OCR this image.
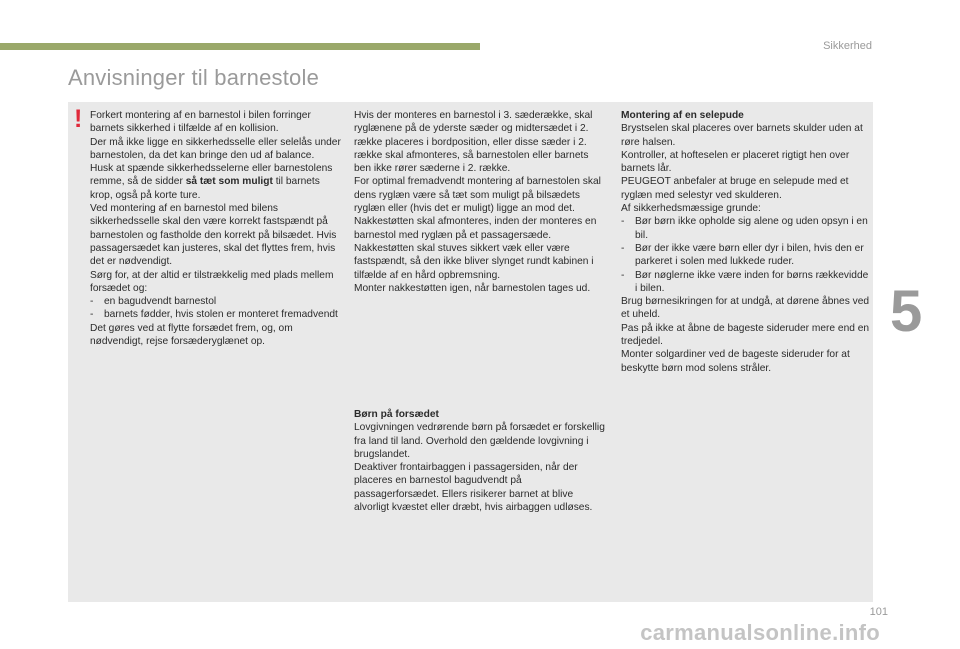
Sikkerhed
Anvisninger til barnestole
! Forkert montering af en barnestol i bilen forringer barnets sikkerhed i tilfælde af en kollision.

Der må ikke ligge en sikkerhedsselle eller selelås under barnestolen, da det kan bringe den ud af balance.

Husk at spænde sikkerhedsselerne eller barnestolens remme, så de sidder så tæt som muligt til barnets krop, også på korte ture.

Ved montering af en barnestol med bilens sikkerhedsselle skal den være korrekt fastspændt på barnestolen og fastholde den korrekt på bilsædet. Hvis passagersædet kan justeres, skal det flyttes frem, hvis det er nødvendigt.

Sørg for, at der altid er tilstrækkelig med plads mellem forsædet og:

- en bagudvendt barnestol

- barnets fødder, hvis stolen er monteret fremadvendt

Det gøres ved at flytte forsædet frem, og, om nødvendigt, rejse forsæderyglænet op.

Hvis der monteres en barnestol i 3. sæderække, skal ryglænene på de yderste sæder og midtersædet i 2. række placeres i bordposition, eller disse sæder i 2. række skal afmonteres, så barnestolen eller barnets ben ikke rører sæderne i 2. række.

For optimal fremadvendt montering af barnestolen skal dens ryglæn være så tæt som muligt på bilsædets ryglæn eller (hvis det er muligt) ligge an mod det.

Nakkestøtten skal afmonteres, inden der monteres en barnestol med ryglæn på et passagersæde.

Nakkestøtten skal stuves sikkert væk eller være fastspændt, så den ikke bliver slynget rundt kabinen i tilfælde af en hård opbremsning.

Monter nakkestøtten igen, når barnestolen tages ud.

Børn på forsædet

Lovgivningen vedrørende børn på forsædet er forskellig fra land til land. Overhold den gældende lovgivning i brugslandet.

Deaktiver frontairbaggen i passagersiden, når der placeres en barnestol bagudvendt på passagerforsædet. Ellers risikerer barnet at blive alvorligt kvæstet eller dræbt, hvis airbaggen udløses.

Montering af en selepude

Brystselen skal placeres over barnets skulder uden at røre halsen.

Kontroller, at hofteselen er placeret rigtigt hen over barnets lår.

PEUGEOT anbefaler at bruge en selepude med et ryglæn med selestyr ved skulderen.

Af sikkerhedsmæssige grunde:

- Bør børn ikke opholde sig alene og uden opsyn i en bil.

- Bør der ikke være børn eller dyr i bilen, hvis den er parkeret i solen med lukkede ruder.

- Bør nøglerne ikke være inden for børns rækkevidde i bilen.

Brug børnesikringen for at undgå, at dørene åbnes ved et uheld.

Pas på ikke at åbne de bageste sideruder mere end en tredjedel.

Monter solgardiner ved de bageste sideruder for at beskytte børn mod solens stråler.

5
101
carmanualsonline.info
